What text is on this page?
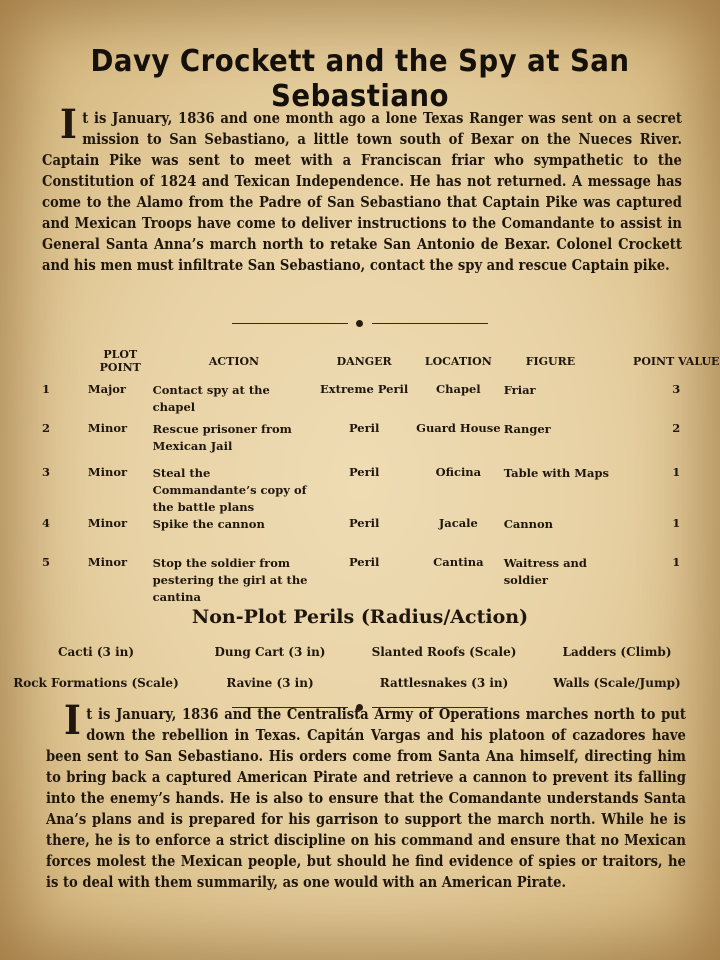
Davy Crockett and the Spy at San Sebastiano
It is January, 1836 and one month ago a lone Texas Ranger was sent on a secret mission to San Sebastiano, a little town south of Bexar on the Nueces River. Captain Pike was sent to meet with a Franciscan friar who sympathetic to the Constitution of 1824 and Texican Independence. He has not returned. A message has come to the Alamo from the Padre of San Sebastiano that Captain Pike was captured and Mexican Troops have come to deliver instructions to the Comandante to assist in General Santa Anna’s march north to retake San Antonio de Bexar. Colonel Crockett and his men must infiltrate San Sebastiano, contact the spy and rescue Captain pike.
	PLOT POINT	ACTION	DANGER	LOCATION	FIGURE	POINT VALUE
1	Major	Contact spy at the chapel	Extreme Peril	Chapel	Friar	3
2	Minor	Rescue prisoner from Mexican Jail	Peril	Guard House	Ranger	2
3	Minor	Steal the Commandante’s copy of the battle plans	Peril	Oficina	Table with Maps	1
4	Minor	Spike the cannon	Peril	Jacale	Cannon	1
5	Minor	Stop the soldier from pestering the girl at the cantina	Peril	Cantina	Waitress and soldier	1
Non-Plot Perils (Radius/Action)
Cacti (3 in)	Dung Cart (3 in)	Slanted Roofs (Scale)	Ladders (Climb)
Rock Formations (Scale)	Ravine (3 in)	Rattlesnakes (3 in)	Walls (Scale/Jump)
It is January, 1836 and the Centralista Army of Operations marches north to put down the rebellion in Texas. Capitán Vargas and his platoon of cazadores have been sent to San Sebastiano. His orders come from Santa Ana himself, directing him to bring back a captured American Pirate and retrieve a cannon to prevent its falling into the enemy’s hands. He is also to ensure that the Comandante understands Santa Ana’s plans and is prepared for his garrison to support the march north. While he is there, he is to enforce a strict discipline on his command and ensure that no Mexican forces molest the Mexican people, but should he find evidence of spies or traitors, he is to deal with them summarily, as one would with an American Pirate.
